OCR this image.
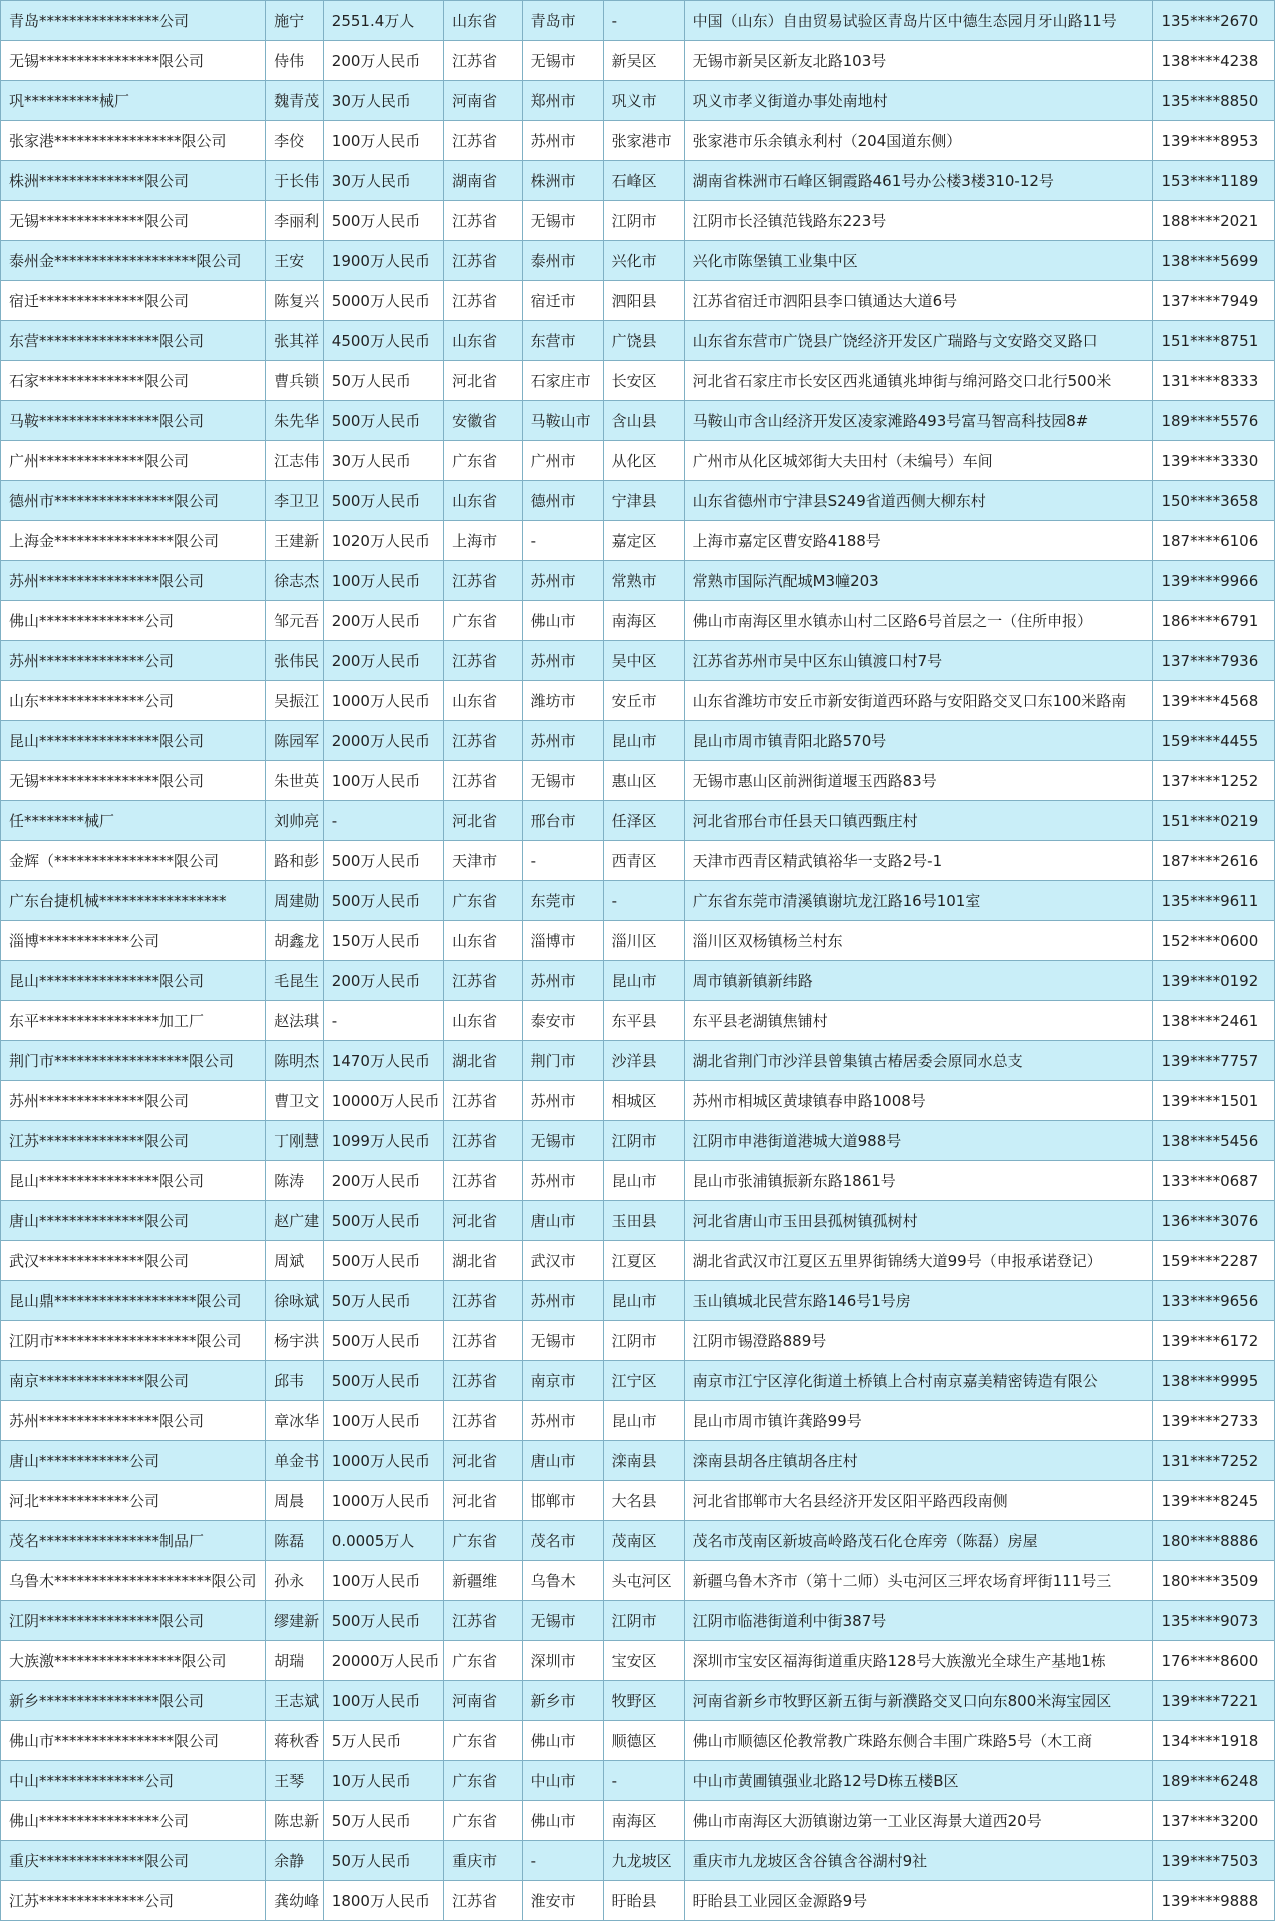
青岛****************公司	施宁	2551.4万人	山东省	青岛市	-	中国（山东）自由贸易试验区青岛片区中德生态园月牙山路11号	135****2670
无锡****************限公司	侍伟	200万人民币	江苏省	无锡市	新吴区	无锡市新吴区新友北路103号	138****4238
巩**********械厂	魏青茂	30万人民币	河南省	郑州市	巩义市	巩义市孝义街道办事处南地村	135****8850
张家港*****************限公司	李佼	100万人民币	江苏省	苏州市	张家港市	张家港市乐余镇永利村（204国道东侧）	139****8953
株洲**************限公司	于长伟	30万人民币	湖南省	株洲市	石峰区	湖南省株洲市石峰区铜霞路461号办公楼3楼310-12号	153****1189
无锡**************限公司	李丽利	500万人民币	江苏省	无锡市	江阴市	江阴市长泾镇范钱路东223号	188****2021
泰州金*******************限公司	王安	1900万人民币	江苏省	泰州市	兴化市	兴化市陈堡镇工业集中区	138****5699
宿迁**************限公司	陈复兴	5000万人民币	江苏省	宿迁市	泗阳县	江苏省宿迁市泗阳县李口镇通达大道6号	137****7949
东营****************限公司	张其祥	4500万人民币	山东省	东营市	广饶县	山东省东营市广饶县广饶经济开发区广瑞路与文安路交叉路口	151****8751
石家**************限公司	曹兵锁	50万人民币	河北省	石家庄市	长安区	河北省石家庄市长安区西兆通镇兆坤街与绵河路交口北行500米	131****8333
马鞍****************限公司	朱先华	500万人民币	安徽省	马鞍山市	含山县	马鞍山市含山经济开发区凌家滩路493号富马智高科技园8#	189****5576
广州**************限公司	江志伟	30万人民币	广东省	广州市	从化区	广州市从化区城郊街大夫田村（未编号）车间	139****3330
德州市****************限公司	李卫卫	500万人民币	山东省	德州市	宁津县	山东省德州市宁津县S249省道西侧大柳东村	150****3658
上海金****************限公司	王建新	1020万人民币	上海市	-	嘉定区	上海市嘉定区曹安路4188号	187****6106
苏州****************限公司	徐志杰	100万人民币	江苏省	苏州市	常熟市	常熟市国际汽配城M3幢203	139****9966
佛山**************公司	邹元吾	200万人民币	广东省	佛山市	南海区	佛山市南海区里水镇赤山村二区路6号首层之一（住所申报）	186****6791
苏州**************公司	张伟民	200万人民币	江苏省	苏州市	吴中区	江苏省苏州市吴中区东山镇渡口村7号	137****7936
山东**************公司	吴振江	1000万人民币	山东省	潍坊市	安丘市	山东省潍坊市安丘市新安街道西环路与安阳路交叉口东100米路南	139****4568
昆山****************限公司	陈园军	2000万人民币	江苏省	苏州市	昆山市	昆山市周市镇青阳北路570号	159****4455
无锡****************限公司	朱世英	100万人民币	江苏省	无锡市	惠山区	无锡市惠山区前洲街道堰玉西路83号	137****1252
任********械厂	刘帅亮	-	河北省	邢台市	任泽区	河北省邢台市任县天口镇西甄庄村	151****0219
金辉（****************限公司	路和彭	500万人民币	天津市	-	西青区	天津市西青区精武镇裕华一支路2号-1	187****2616
广东台捷机械*****************	周建勋	500万人民币	广东省	东莞市	-	广东省东莞市清溪镇谢坑龙江路16号101室	135****9611
淄博************公司	胡鑫龙	150万人民币	山东省	淄博市	淄川区	淄川区双杨镇杨兰村东	152****0600
昆山****************限公司	毛昆生	200万人民币	江苏省	苏州市	昆山市	周市镇新镇新纬路	139****0192
东平****************加工厂	赵法琪	-	山东省	泰安市	东平县	东平县老湖镇焦铺村	138****2461
荆门市******************限公司	陈明杰	1470万人民币	湖北省	荆门市	沙洋县	湖北省荆门市沙洋县曾集镇古椿居委会原同水总支	139****7757
苏州**************限公司	曹卫文	10000万人民币	江苏省	苏州市	相城区	苏州市相城区黄埭镇春申路1008号	139****1501
江苏**************限公司	丁刚慧	1099万人民币	江苏省	无锡市	江阴市	江阴市申港街道港城大道988号	138****5456
昆山****************限公司	陈涛	200万人民币	江苏省	苏州市	昆山市	昆山市张浦镇振新东路1861号	133****0687
唐山**************限公司	赵广建	500万人民币	河北省	唐山市	玉田县	河北省唐山市玉田县孤树镇孤树村	136****3076
武汉**************限公司	周斌	500万人民币	湖北省	武汉市	江夏区	湖北省武汉市江夏区五里界街锦绣大道99号（申报承诺登记）	159****2287
昆山鼎*******************限公司	徐咏斌	50万人民币	江苏省	苏州市	昆山市	玉山镇城北民营东路146号1号房	133****9656
江阴市*******************限公司	杨宇洪	500万人民币	江苏省	无锡市	江阴市	江阴市锡澄路889号	139****6172
南京**************限公司	邱韦	500万人民币	江苏省	南京市	江宁区	南京市江宁区淳化街道土桥镇上合村南京嘉美精密铸造有限公	138****9995
苏州****************限公司	章冰华	100万人民币	江苏省	苏州市	昆山市	昆山市周市镇许龚路99号	139****2733
唐山************公司	单金书	1000万人民币	河北省	唐山市	滦南县	滦南县胡各庄镇胡各庄村	131****7252
河北************公司	周晨	1000万人民币	河北省	邯郸市	大名县	河北省邯郸市大名县经济开发区阳平路西段南侧	139****8245
茂名****************制品厂	陈磊	0.0005万人	广东省	茂名市	茂南区	茂名市茂南区新坡高岭路茂石化仓库旁（陈磊）房屋	180****8886
乌鲁木*********************限公司	孙永	100万人民币	新疆维	乌鲁木	头屯河区	新疆乌鲁木齐市（第十二师）头屯河区三坪农场育坪街111号三	180****3509
江阴****************限公司	缪建新	500万人民币	江苏省	无锡市	江阴市	江阴市临港街道利中街387号	135****9073
大族激*****************限公司	胡瑞	20000万人民币	广东省	深圳市	宝安区	深圳市宝安区福海街道重庆路128号大族激光全球生产基地1栋	176****8600
新乡****************限公司	王志斌	100万人民币	河南省	新乡市	牧野区	河南省新乡市牧野区新五街与新濮路交叉口向东800米海宝园区	139****7221
佛山市****************限公司	蒋秋香	5万人民币	广东省	佛山市	顺德区	佛山市顺德区伦教常教广珠路东侧合丰围广珠路5号（木工商	134****1918
中山**************公司	王琴	10万人民币	广东省	中山市	-	中山市黄圃镇强业北路12号D栋五楼B区	189****6248
佛山****************公司	陈忠新	50万人民币	广东省	佛山市	南海区	佛山市南海区大沥镇谢边第一工业区海景大道西20号	137****3200
重庆**************限公司	余静	50万人民币	重庆市	-	九龙坡区	重庆市九龙坡区含谷镇含谷湖村9社	139****7503
江苏**************公司	龚幼峰	1800万人民币	江苏省	淮安市	盱眙县	盱眙县工业园区金源路9号	139****9888
